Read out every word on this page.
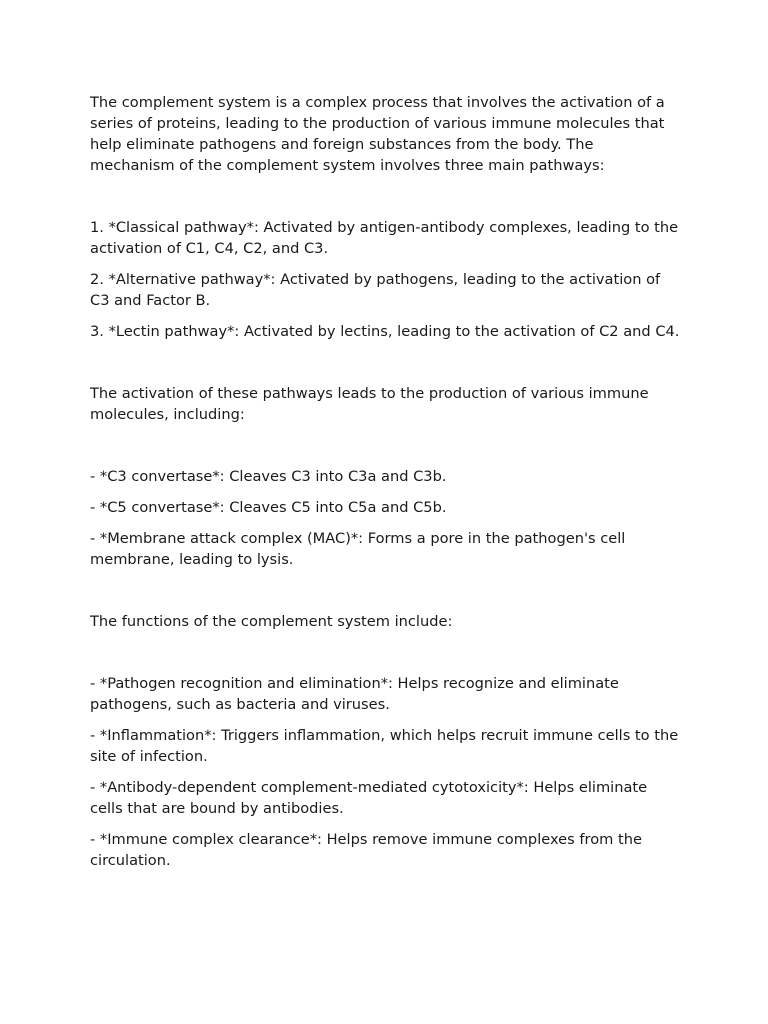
The complement system is a complex process that involves the activation of a series of proteins, leading to the production of various immune molecules that help eliminate pathogens and foreign substances from the body. The mechanism of the complement system involves three main pathways:

1. *Classical pathway*: Activated by antigen-antibody complexes, leading to the activation of C1, C4, C2, and C3.

2. *Alternative pathway*: Activated by pathogens, leading to the activation of C3 and Factor B.

3. *Lectin pathway*: Activated by lectins, leading to the activation of C2 and C4.

The activation of these pathways leads to the production of various immune molecules, including:

- *C3 convertase*: Cleaves C3 into C3a and C3b.

- *C5 convertase*: Cleaves C5 into C5a and C5b.

- *Membrane attack complex (MAC)*: Forms a pore in the pathogen's cell membrane, leading to lysis.

The functions of the complement system include:

- *Pathogen recognition and elimination*: Helps recognize and eliminate pathogens, such as bacteria and viruses.

- *Inflammation*: Triggers inflammation, which helps recruit immune cells to the site of infection.

- *Antibody-dependent complement-mediated cytotoxicity*: Helps eliminate cells that are bound by antibodies.

- *Immune complex clearance*: Helps remove immune complexes from the circulation.
